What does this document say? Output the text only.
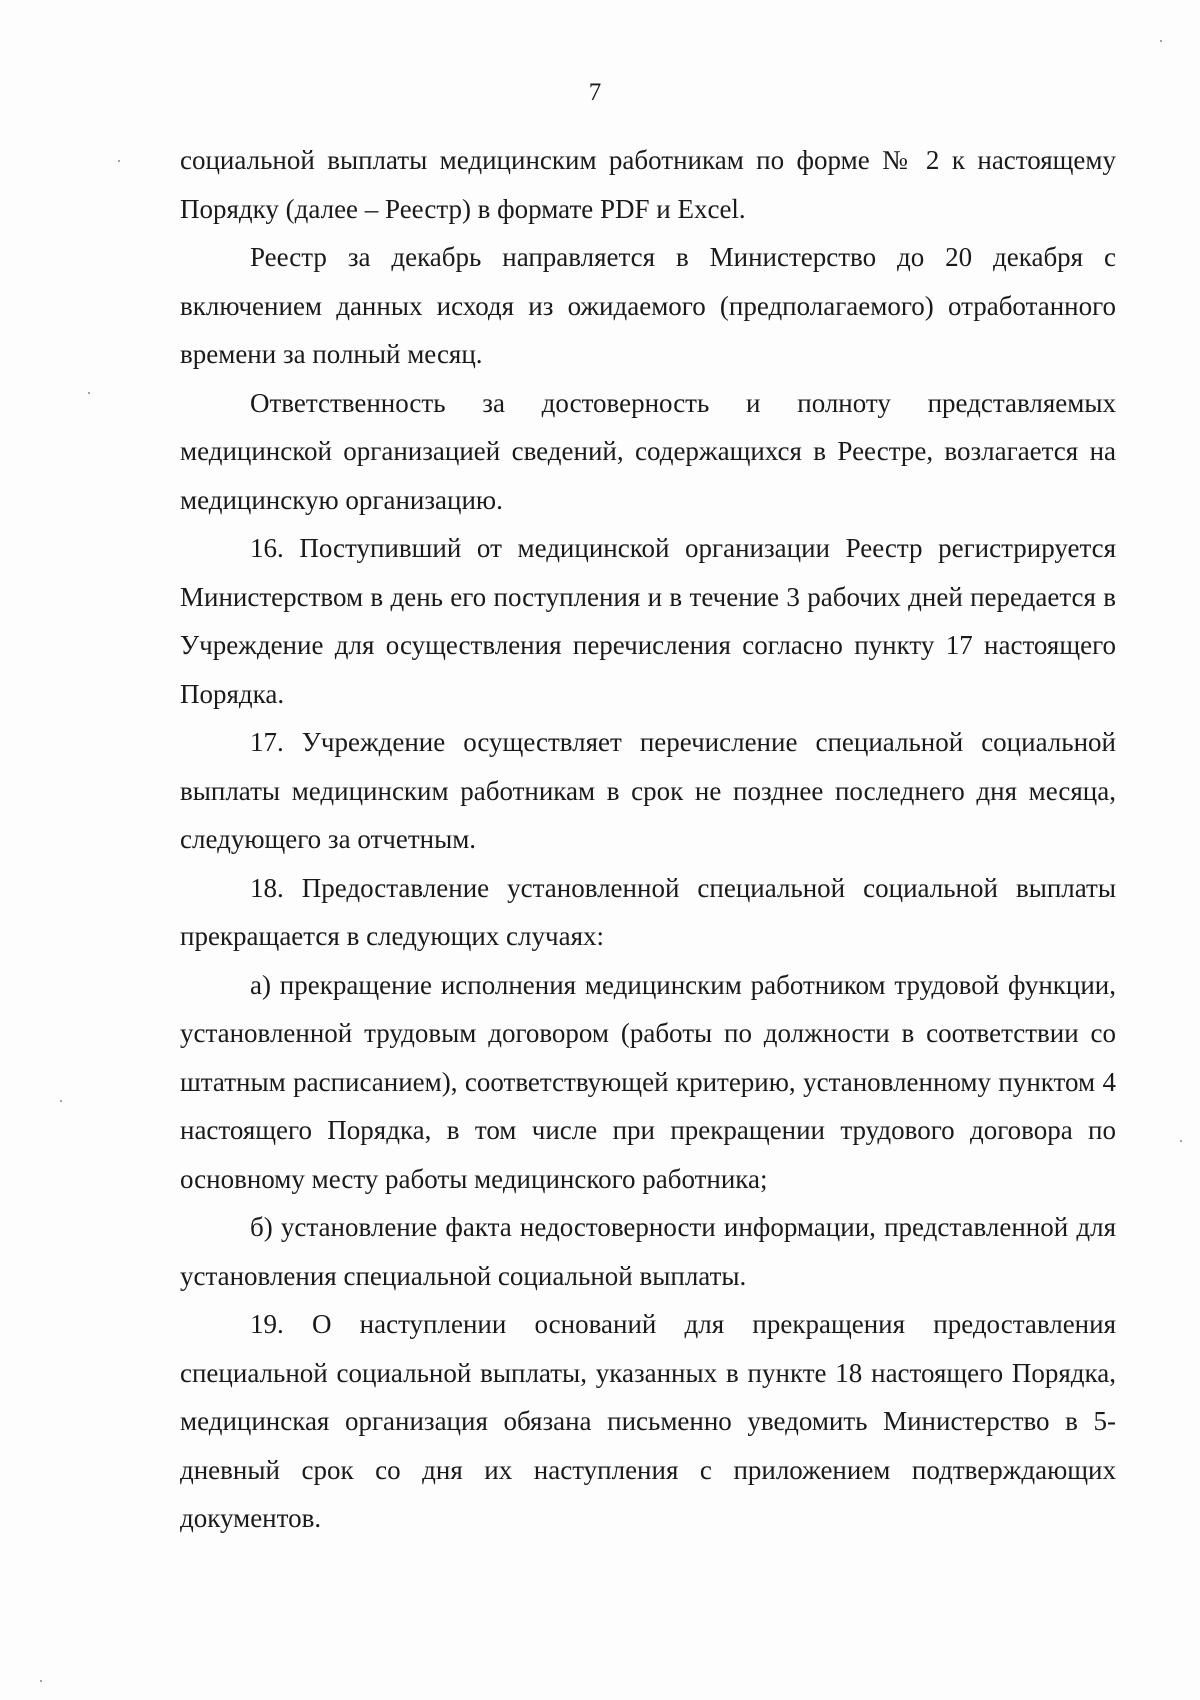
7

социальной выплаты медицинским работникам по форме № 2 к настоящему Порядку (далее – Реестр) в формате PDF и Excel.

Реестр за декабрь направляется в Министерство до 20 декабря с включением данных исходя из ожидаемого (предполагаемого) отработанного времени за полный месяц.

Ответственность за достоверность и полноту представляемых медицинской организацией сведений, содержащихся в Реестре, возлагается на медицинскую организацию.

16. Поступивший от медицинской организации Реестр регистрируется Министерством в день его поступления и в течение 3 рабочих дней передается в Учреждение для осуществления перечисления согласно пункту 17 настоящего Порядка.

17. Учреждение осуществляет перечисление специальной социальной выплаты медицинским работникам в срок не позднее последнего дня месяца, следующего за отчетным.

18. Предоставление установленной специальной социальной выплаты прекращается в следующих случаях:

а) прекращение исполнения медицинским работником трудовой функции, установленной трудовым договором (работы по должности в соответствии со штатным расписанием), соответствующей критерию, установленному пунктом 4 настоящего Порядка, в том числе при прекращении трудового договора по основному месту работы медицинского работника;

б) установление факта недостоверности информации, представленной для установления специальной социальной выплаты.

19. О наступлении оснований для прекращения предоставления специальной социальной выплаты, указанных в пункте 18 настоящего Порядка, медицинская организация обязана письменно уведомить Министерство в 5-дневный срок со дня их наступления с приложением подтверждающих документов.
